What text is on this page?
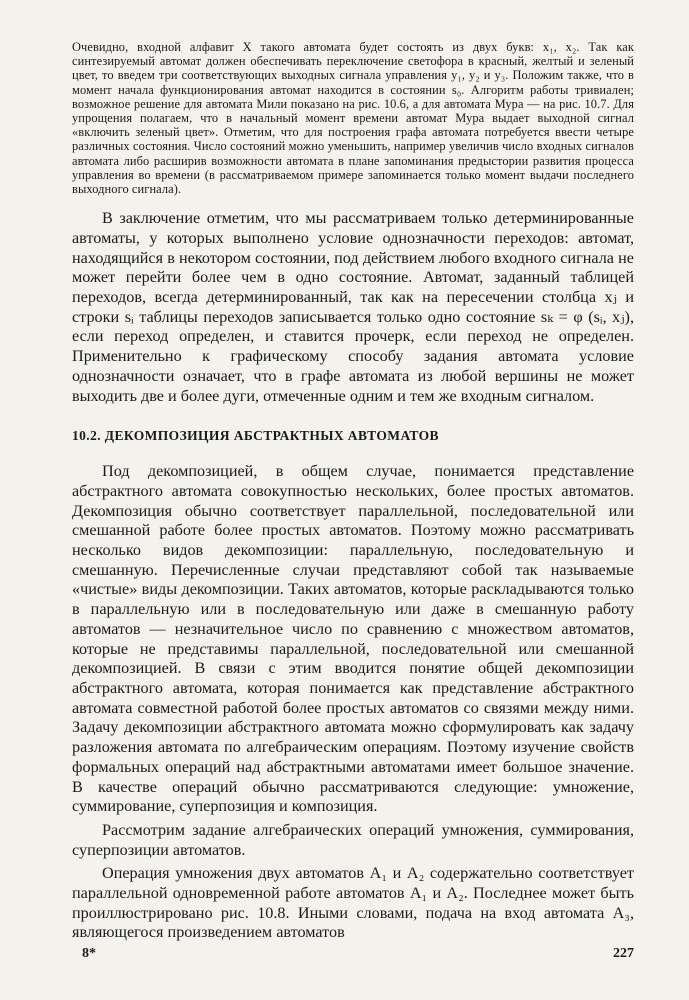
Очевидно, входной алфавит X такого автомата будет состоять из двух букв: x₁, x₂. Так как синтезируемый автомат должен обеспечивать переключение светофора в красный, желтый и зеленый цвет, то введем три соответствующих выходных сигнала управления y₁, y₂ и y₃. Положим также, что в момент начала функционирования автомат находится в состоянии s₀. Алгоритм работы тривиален; возможное решение для автомата Мили показано на рис. 10.6, а для автомата Мура — на рис. 10.7. Для упрощения полагаем, что в начальный момент времени автомат Мура выдает выходной сигнал «включить зеленый цвет». Отметим, что для построения графа автомата потребуется ввести четыре различных состояния. Число состояний можно уменьшить, например увеличив число входных сигналов автомата либо расширив возможности автомата в плане запоминания предыстории развития процесса управления во времени (в рассматриваемом примере запоминается только момент выдачи последнего выходного сигнала).

В заключение отметим, что мы рассматриваем только детерминированные автоматы, у которых выполнено условие однозначности переходов: автомат, находящийся в некотором состоянии, под действием любого входного сигнала не может перейти более чем в одно состояние. Автомат, заданный таблицей переходов, всегда детерминированный, так как на пересечении столбца xⱼ и строки sᵢ таблицы переходов записывается только одно состояние sₖ = φ (sᵢ, xⱼ), если переход определен, и ставится прочерк, если переход не определен. Применительно к графическому способу задания автомата условие однозначности означает, что в графе автомата из любой вершины не может выходить две и более дуги, отмеченные одним и тем же входным сигналом.

10.2. ДЕКОМПОЗИЦИЯ АБСТРАКТНЫХ АВТОМАТОВ

Под декомпозицией, в общем случае, понимается представление абстрактного автомата совокупностью нескольких, более простых автоматов. Декомпозиция обычно соответствует параллельной, последовательной или смешанной работе более простых автоматов. Поэтому можно рассматривать несколько видов декомпозиции: параллельную, последовательную и смешанную. Перечисленные случаи представляют собой так называемые «чистые» виды декомпозиции. Таких автоматов, которые раскладываются только в параллельную или в последовательную или даже в смешанную работу автоматов — незначительное число по сравнению с множеством автоматов, которые не представимы параллельной, последовательной или смешанной декомпозицией. В связи с этим вводится понятие общей декомпозиции абстрактного автомата, которая понимается как представление абстрактного автомата совместной работой более простых автоматов со связями между ними. Задачу декомпозиции абстрактного автомата можно сформулировать как задачу разложения автомата по алгебраическим операциям. Поэтому изучение свойств формальных операций над абстрактными автоматами имеет большое значение. В качестве операций обычно рассматриваются следующие: умножение, суммирование, суперпозиция и композиция.

Рассмотрим задание алгебраических операций умножения, суммирования, суперпозиции автоматов.

Операция умножения двух автоматов A₁ и A₂ содержательно соответствует параллельной одновременной работе автоматов A₁ и A₂. Последнее может быть проиллюстрировано рис. 10.8. Иными словами, подача на вход автомата A₃, являющегося произведением автоматов

8*	227
